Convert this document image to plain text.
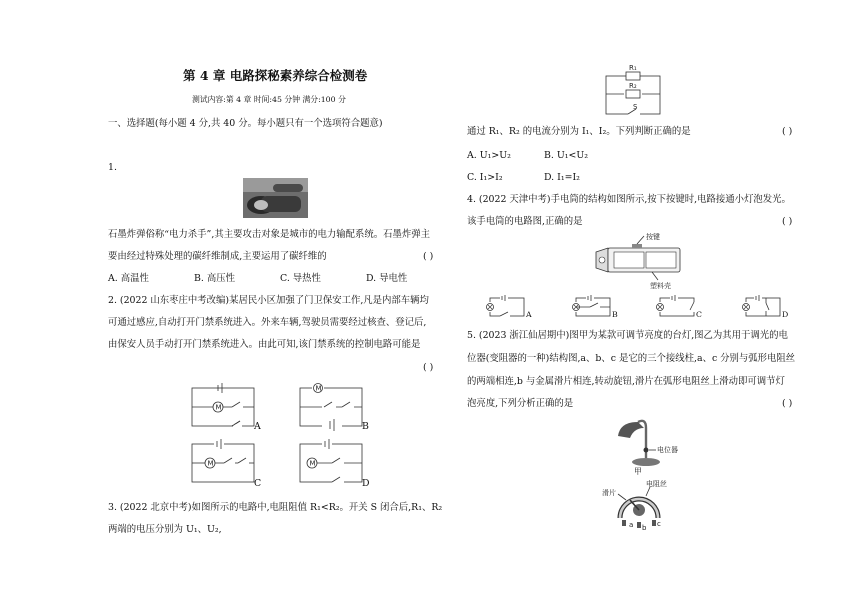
第 4 章 电路探秘素养综合检测卷
测试内容:第 4 章 时间:45 分钟 满分:100 分
一、选择题(每小题 4 分,共 40 分。每小题只有一个选项符合题意)
1.
石墨炸弹俗称“电力杀手”,其主要攻击对象是城市的电力输配系统。石墨炸弹主
要由经过特殊处理的碳纤维制成,主要运用了碳纤维的	( )
A. 高温性	B. 高压性	C. 导热性	D. 导电性
2. (2022 山东枣庄中考改编)某居民小区加强了门卫保安工作,凡是内部车辆均
可通过感应,自动打开门禁系统进入。外来车辆,驾驶员需要经过核查、登记后,
由保安人员手动打开门禁系统进入。由此可知,该门禁系统的控制电路可能是
( )
M
A
M
B
M
C
M
D
3. (2022 北京中考)如图所示的电路中,电阻阻值 R₁<R₂。开关 S 闭合后,R₁、R₂
两端的电压分别为 U₁、U₂,
R₁
R₂
S
通过 R₁、R₂ 的电流分别为 I₁、I₂。下列判断正确的是	( )
A. U₁>U₂	B. U₁<U₂
C. I₁>I₂	D. I₁=I₂
4. (2022 天津中考)手电筒的结构如图所示,按下按键时,电路接通小灯泡发光。
该手电筒的电路图,正确的是	( )
按键
塑料壳
A	B	C	D
5. (2023 浙江仙居期中)图甲为某款可调节亮度的台灯,图乙为其用于调光的电
位器(变阻器的一种)结构图,a、b、c 是它的三个接线柱,a、c 分别与弧形电阻丝
的两端相连,b 与金属滑片相连,转动旋钮,滑片在弧形电阻丝上滑动即可调节灯
泡亮度,下列分析正确的是	( )
电位器
甲
电阻丝
滑片
a b c
